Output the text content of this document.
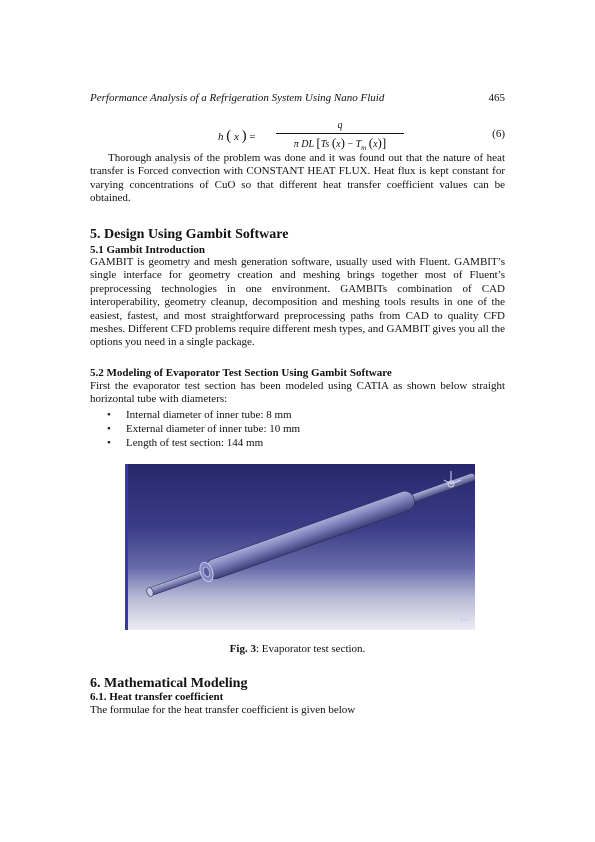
Performance Analysis of a Refrigeration System Using Nano Fluid	465
h ( x ) =
q
π DL [Ts $(x) - T_m$ (x)]
(6)

Thorough analysis of the problem was done and it was found out that the nature of heat transfer is Forced convection with CONSTANT HEAT FLUX. Heat flux is kept constant for varying concentrations of CuO so that different heat transfer coefficient values can be obtained.

5. Design Using Gambit Software
5.1 Gambit Introduction

GAMBIT is geometry and mesh generation software, usually used with Fluent. GAMBIT’s single interface for geometry creation and meshing brings together most of Fluent’s preprocessing technologies in one environment. GAMBITs combination of CAD interoperability, geometry cleanup, decomposition and meshing tools results in one of the easiest, fastest, and most straightforward preprocessing paths from CAD to quality CFD meshes. Different CFD problems require different mesh types, and GAMBIT gives you all the options you need in a single package.

5.2 Modeling of Evaporator Test Section Using Gambit Software

First the evaporator test section has been modeled using CATIA as shown below straight horizontal tube with diameters:

• Internal diameter of inner tube: 8 mm
• External diameter of inner tube: 10 mm
• Length of test section: 144 mm
Fig. 3: Evaporator test section.
6. Mathematical Modeling
6.1. Heat transfer coefficient

The formulae for the heat transfer coefficient is given below
